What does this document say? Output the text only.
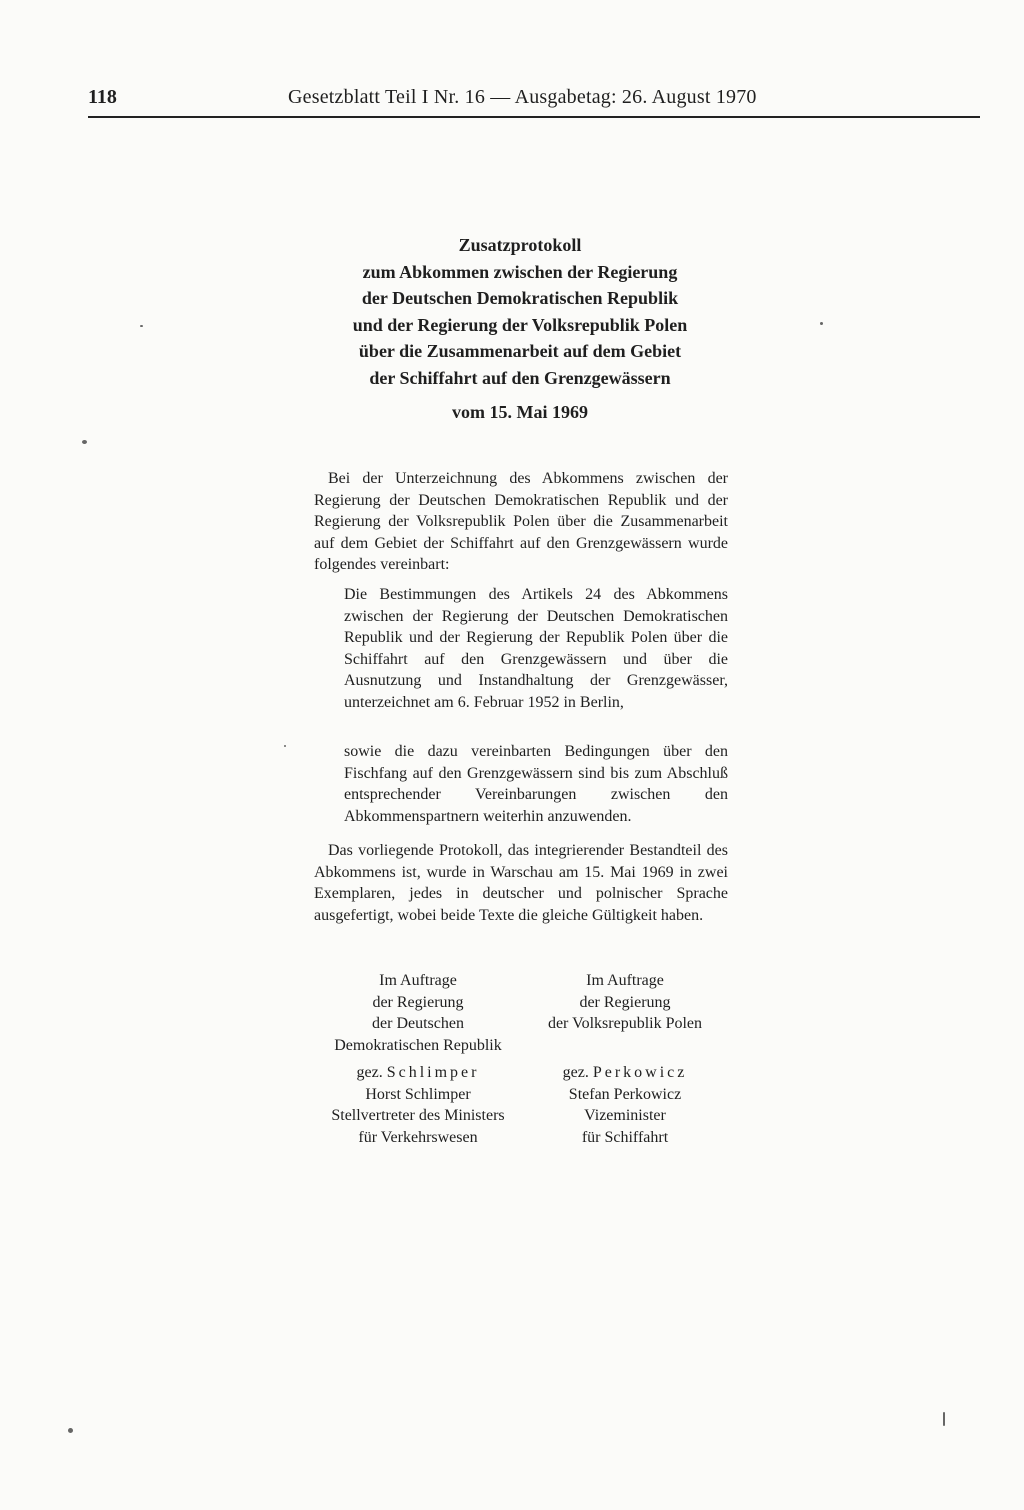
118	Gesetzblatt Teil I Nr. 16 — Ausgabetag: 26. August 1970
Zusatzprotokoll
zum Abkommen zwischen der Regierung
der Deutschen Demokratischen Republik
und der Regierung der Volksrepublik Polen
über die Zusammenarbeit auf dem Gebiet
der Schiffahrt auf den Grenzgewässern
vom 15. Mai 1969

Bei der Unterzeichnung des Abkommens zwischen der Regierung der Deutschen Demokratischen Republik und der Regierung der Volksrepublik Polen über die Zusammenarbeit auf dem Gebiet der Schiffahrt auf den Grenzgewässern wurde folgendes vereinbart:

Die Bestimmungen des Artikels 24 des Abkommens zwischen der Regierung der Deutschen Demokratischen Republik und der Regierung der Republik Polen über die Schiffahrt auf den Grenzgewässern und über die Ausnutzung und Instandhaltung der Grenzgewässer, unterzeichnet am 6. Februar 1952 in Berlin,

sowie die dazu vereinbarten Bedingungen über den Fischfang auf den Grenzgewässern sind bis zum Abschluß entsprechender Vereinbarungen zwischen den Abkommenspartnern weiterhin anzuwenden.

Das vorliegende Protokoll, das integrierender Bestandteil des Abkommens ist, wurde in Warschau am 15. Mai 1969 in zwei Exemplaren, jedes in deutscher und polnischer Sprache ausgefertigt, wobei beide Texte die gleiche Gültigkeit haben.

Im Auftrage
der Regierung
der Deutschen
Demokratischen Republik
gez. Schlimper
Horst Schlimper
Stellvertreter des Ministers
für Verkehrswesen
Im Auftrage
der Regierung
der Volksrepublik Polen
gez. Perkowicz
Stefan Perkowicz
Vizeminister
für Schiffahrt
